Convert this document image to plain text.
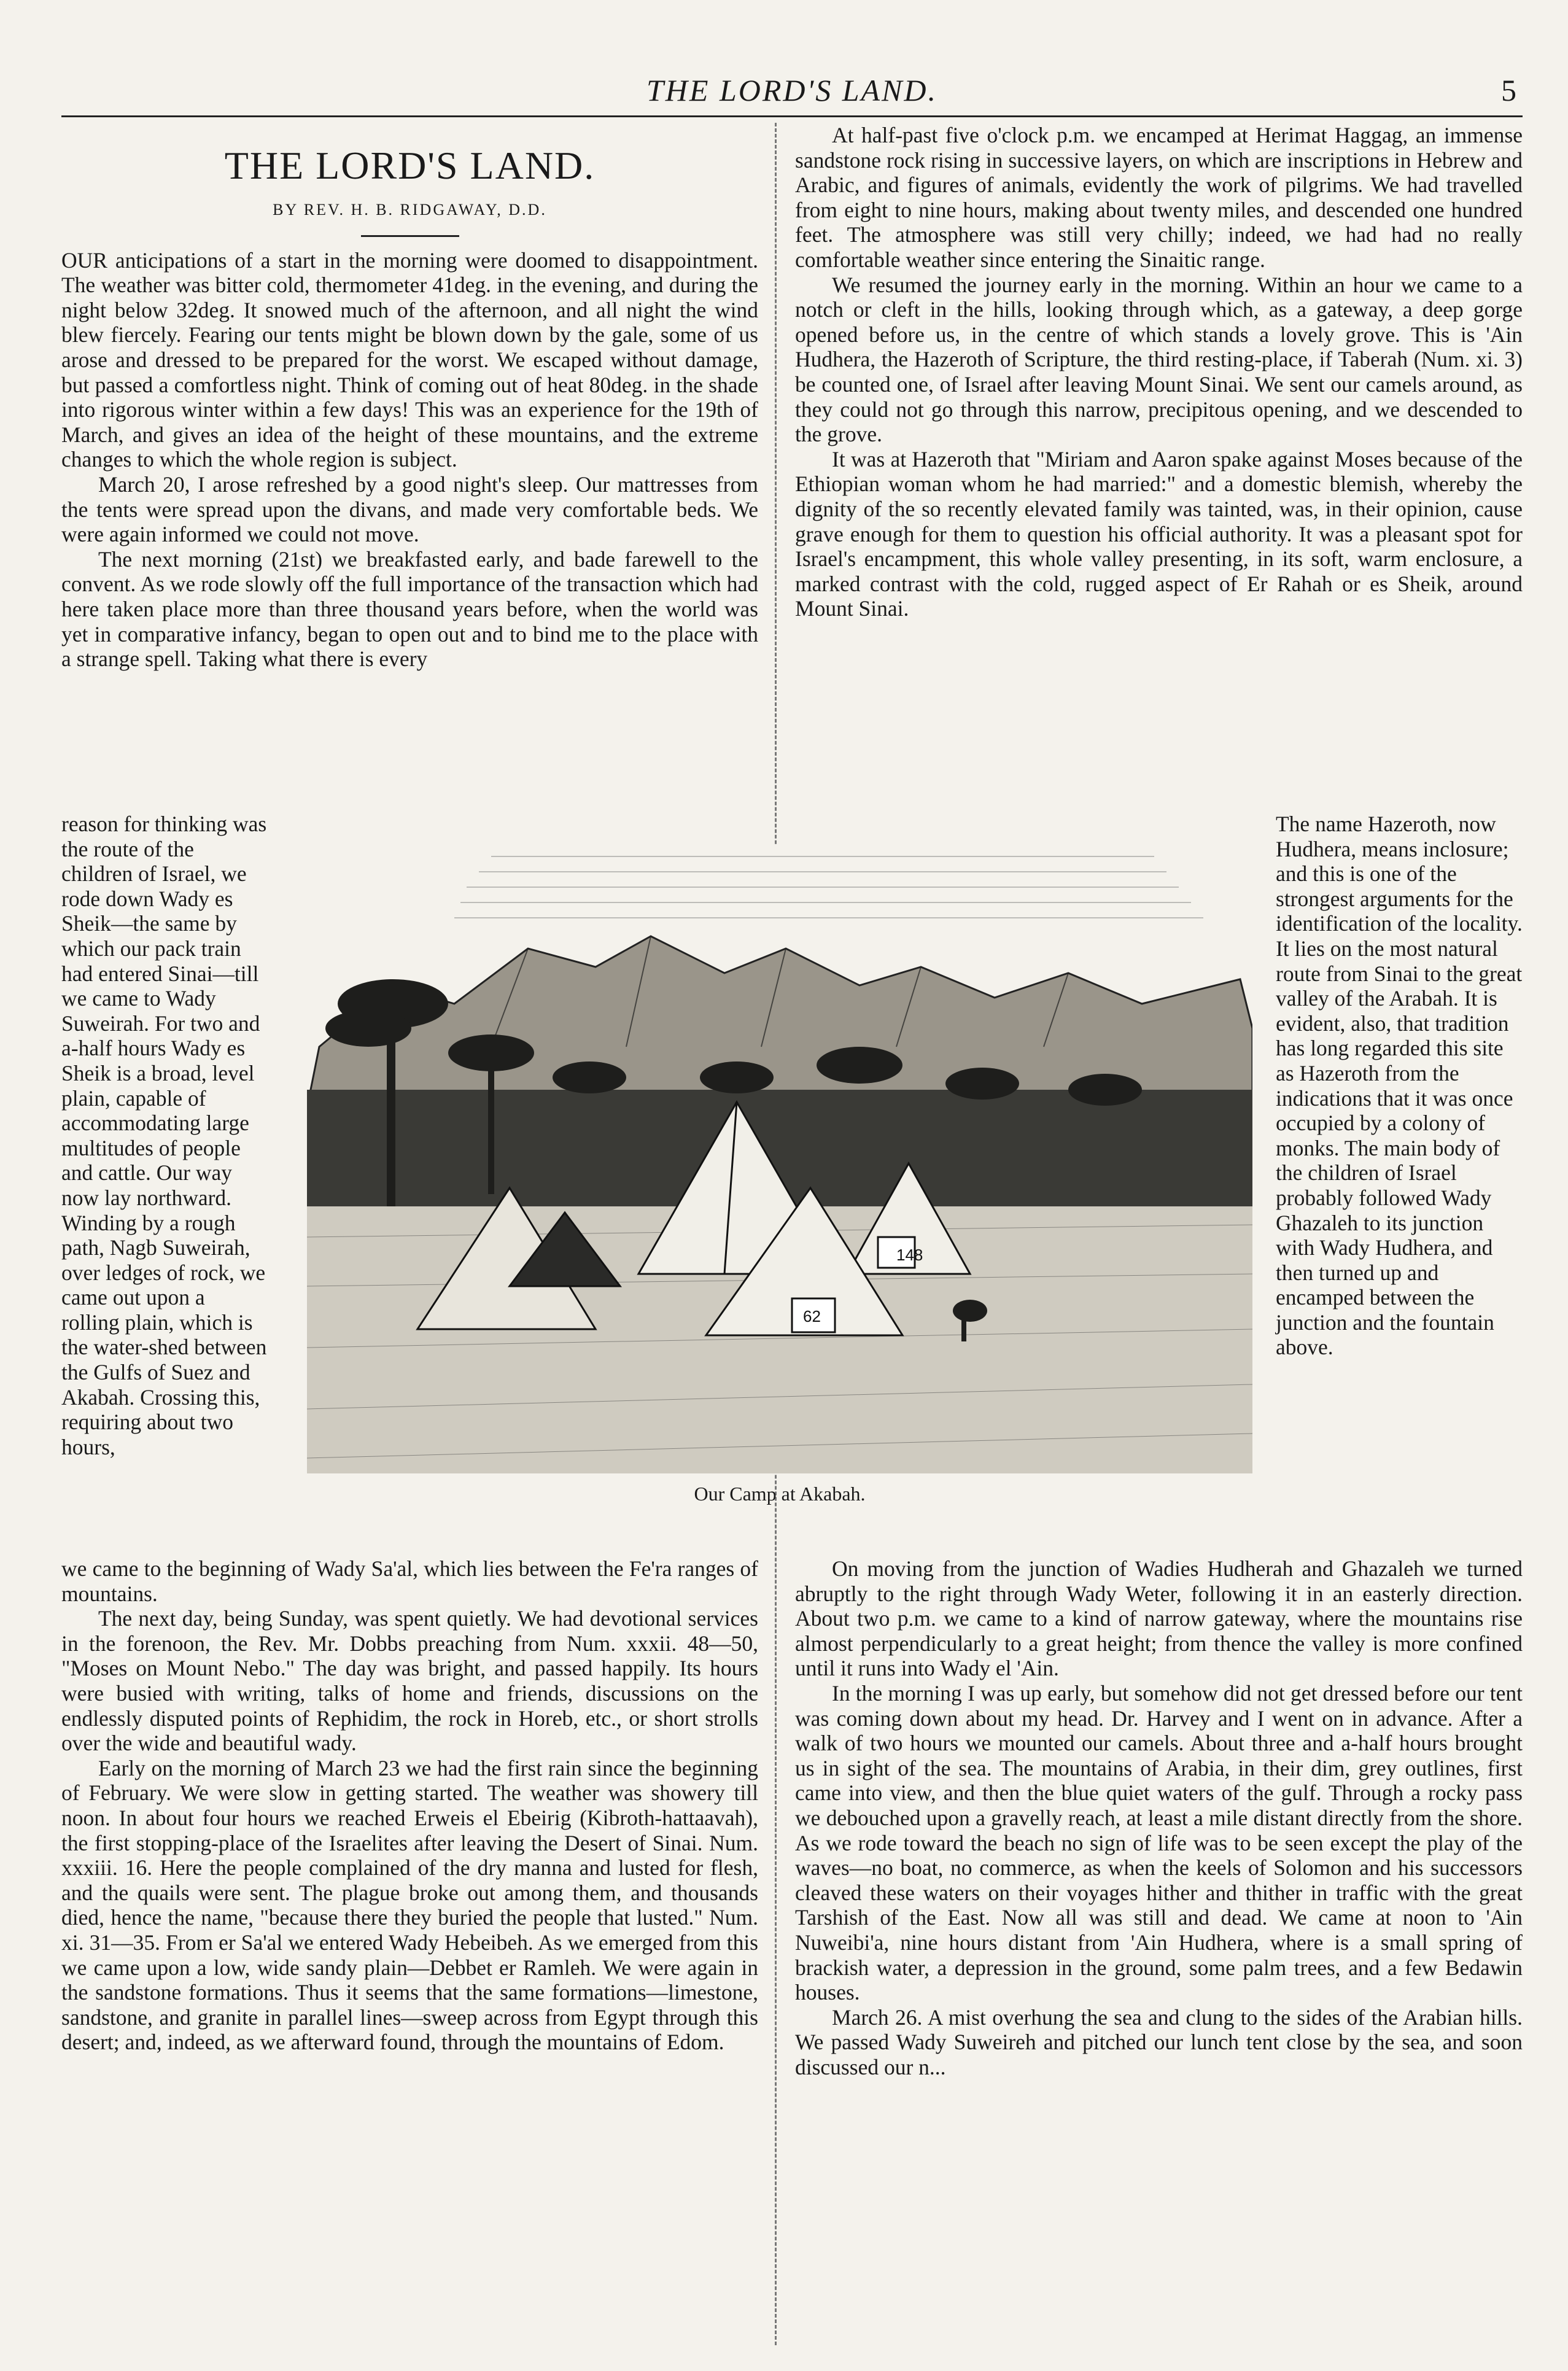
THE LORD'S LAND.	5
THE LORD'S LAND.
BY REV. H. B. RIDGAWAY, D.D.

OUR anticipations of a start in the morning were doomed to disappointment. The weather was bitter cold, thermometer 41deg. in the evening, and during the night below 32deg. It snowed much of the afternoon, and all night the wind blew fiercely. Fearing our tents might be blown down by the gale, some of us arose and dressed to be prepared for the worst. We escaped without damage, but passed a comfortless night. Think of coming out of heat 80deg. in the shade into rigorous winter within a few days! This was an experience for the 19th of March, and gives an idea of the height of these mountains, and the extreme changes to which the whole region is subject.

March 20, I arose refreshed by a good night's sleep. Our mattresses from the tents were spread upon the divans, and made very comfortable beds. We were again informed we could not move.

The next morning (21st) we breakfasted early, and bade farewell to the convent. As we rode slowly off the full importance of the transaction which had here taken place more than three thousand years before, when the world was yet in comparative infancy, began to open out and to bind me to the place with a strange spell. Taking what there is every

At half-past five o'clock p.m. we encamped at Herimat Haggag, an immense sandstone rock rising in successive layers, on which are inscriptions in Hebrew and Arabic, and figures of animals, evidently the work of pilgrims. We had travelled from eight to nine hours, making about twenty miles, and descended one hundred feet. The atmosphere was still very chilly; indeed, we had had no really comfortable weather since entering the Sinaitic range.

We resumed the journey early in the morning. Within an hour we came to a notch or cleft in the hills, looking through which, as a gateway, a deep gorge opened before us, in the centre of which stands a lovely grove. This is 'Ain Hudhera, the Hazeroth of Scripture, the third resting-place, if Taberah (Num. xi. 3) be counted one, of Israel after leaving Mount Sinai. We sent our camels around, as they could not go through this narrow, precipitous opening, and we descended to the grove.

It was at Hazeroth that "Miriam and Aaron spake against Moses because of the Ethiopian woman whom he had married:" and a domestic blemish, whereby the dignity of the so recently elevated family was tainted, was, in their opinion, cause grave enough for them to question his official authority. It was a pleasant spot for Israel's encampment, this whole valley presenting, in its soft, warm enclosure, a marked contrast with the cold, rugged aspect of Er Rahah or es Sheik, around Mount Sinai.

reason for thinking was the route of the children of Israel, we rode down Wady es Sheik—the same by which our pack train had entered Sinai—till we came to Wady Suweirah. For two and a-half hours Wady es Sheik is a broad, level plain, capable of accommodating large multitudes of people and cattle. Our way now lay northward. Winding by a rough path, Nagb Suweirah, over ledges of rock, we came out upon a rolling plain, which is the water-shed between the Gulfs of Suez and Akabah. Crossing this, requiring about two hours,
The name Hazeroth, now Hudhera, means inclosure; and this is one of the strongest arguments for the identification of the locality. It lies on the most natural route from Sinai to the great valley of the Arabah. It is evident, also, that tradition has long regarded this site as Hazeroth from the indications that it was once occupied by a colony of monks. The main body of the children of Israel probably followed Wady Ghazaleh to its junction with Wady Hudhera, and then turned up and encamped between the junction and the fountain above.
148
62
Our Camp at Akabah.

we came to the beginning of Wady Sa'al, which lies between the Fe'ra ranges of mountains.

The next day, being Sunday, was spent quietly. We had devotional services in the forenoon, the Rev. Mr. Dobbs preaching from Num. xxxii. 48—50, "Moses on Mount Nebo." The day was bright, and passed happily. Its hours were busied with writing, talks of home and friends, discussions on the endlessly disputed points of Rephidim, the rock in Horeb, etc., or short strolls over the wide and beautiful wady.

Early on the morning of March 23 we had the first rain since the beginning of February. We were slow in getting started. The weather was showery till noon. In about four hours we reached Erweis el Ebeirig (Kibroth-hattaavah), the first stopping-place of the Israelites after leaving the Desert of Sinai. Num. xxxiii. 16. Here the people complained of the dry manna and lusted for flesh, and the quails were sent. The plague broke out among them, and thousands died, hence the name, "because there they buried the people that lusted." Num. xi. 31—35. From er Sa'al we entered Wady Hebeibeh. As we emerged from this we came upon a low, wide sandy plain—Debbet er Ramleh. We were again in the sandstone formations. Thus it seems that the same formations—limestone, sandstone, and granite in parallel lines—sweep across from Egypt through this desert; and, indeed, as we afterward found, through the mountains of Edom.

On moving from the junction of Wadies Hudherah and Ghazaleh we turned abruptly to the right through Wady Weter, following it in an easterly direction. About two p.m. we came to a kind of narrow gateway, where the mountains rise almost perpendicularly to a great height; from thence the valley is more confined until it runs into Wady el 'Ain.

In the morning I was up early, but somehow did not get dressed before our tent was coming down about my head. Dr. Harvey and I went on in advance. After a walk of two hours we mounted our camels. About three and a-half hours brought us in sight of the sea. The mountains of Arabia, in their dim, grey outlines, first came into view, and then the blue quiet waters of the gulf. Through a rocky pass we debouched upon a gravelly reach, at least a mile distant directly from the shore. As we rode toward the beach no sign of life was to be seen except the play of the waves—no boat, no commerce, as when the keels of Solomon and his successors cleaved these waters on their voyages hither and thither in traffic with the great Tarshish of the East. Now all was still and dead. We came at noon to 'Ain Nuweibi'a, nine hours distant from 'Ain Hudhera, where is a small spring of brackish water, a depression in the ground, some palm trees, and a few Bedawin houses.

March 26. A mist overhung the sea and clung to the sides of the Arabian hills. We passed Wady Suweireh and pitched our lunch tent close by the sea, and soon discussed our n...
